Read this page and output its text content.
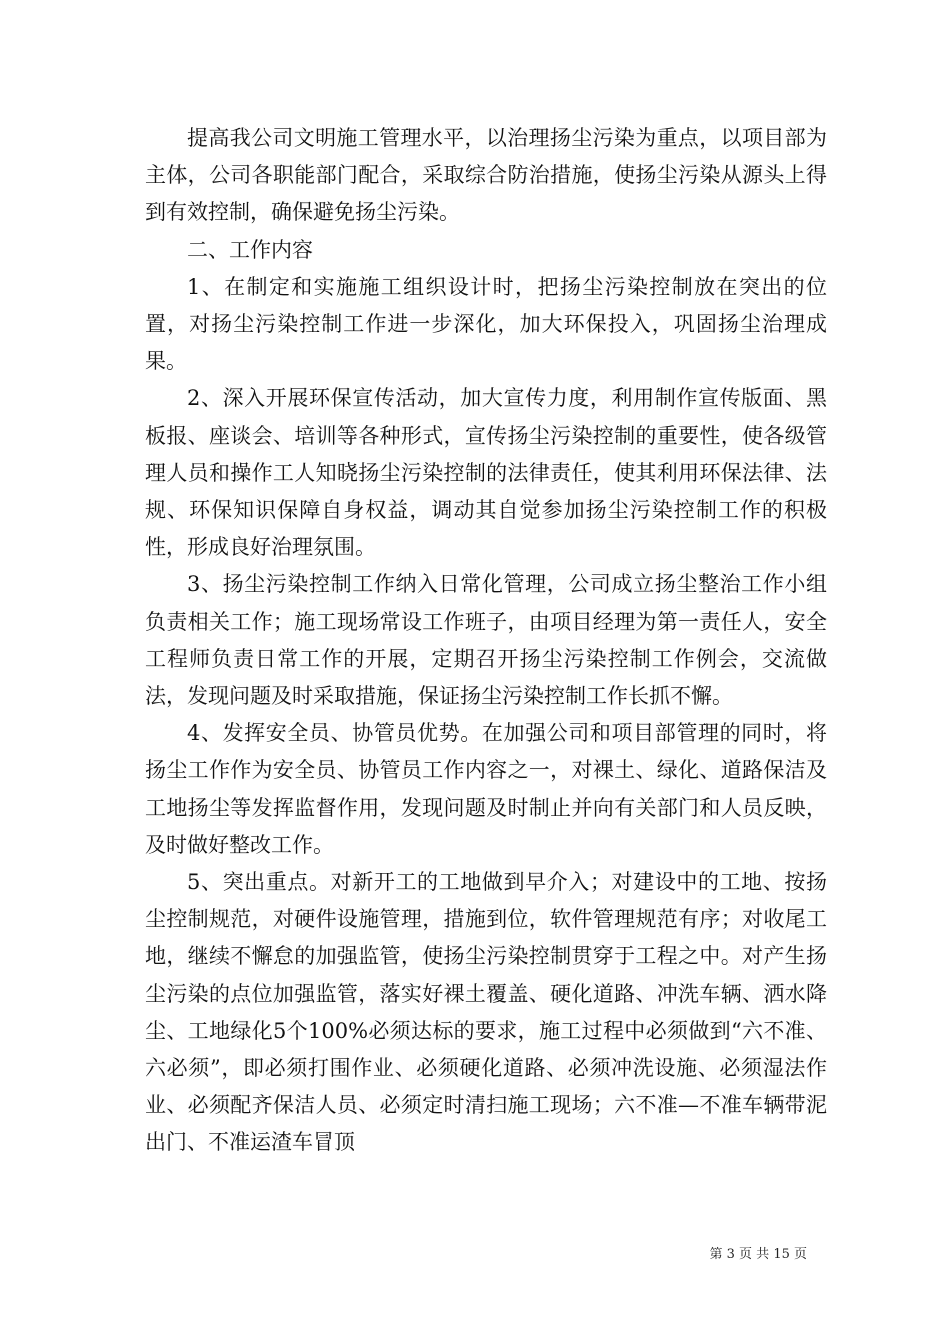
提高我公司文明施工管理水平，以治理扬尘污染为重点，以项目部为主体，公司各职能部门配合，采取综合防治措施，使扬尘污染从源头上得到有效控制，确保避免扬尘污染。

二、工作内容

1、在制定和实施施工组织设计时，把扬尘污染控制放在突出的位置，对扬尘污染控制工作进一步深化，加大环保投入，巩固扬尘治理成果。

2、深入开展环保宣传活动，加大宣传力度，利用制作宣传版面、黑板报、座谈会、培训等各种形式，宣传扬尘污染控制的重要性，使各级管理人员和操作工人知晓扬尘污染控制的法律责任，使其利用环保法律、法规、环保知识保障自身权益，调动其自觉参加扬尘污染控制工作的积极性，形成良好治理氛围。

3、扬尘污染控制工作纳入日常化管理，公司成立扬尘整治工作小组负责相关工作；施工现场常设工作班子，由项目经理为第一责任人，安全工程师负责日常工作的开展，定期召开扬尘污染控制工作例会，交流做法，发现问题及时采取措施，保证扬尘污染控制工作长抓不懈。

4、发挥安全员、协管员优势。在加强公司和项目部管理的同时，将扬尘工作作为安全员、协管员工作内容之一，对裸土、绿化、道路保洁及工地扬尘等发挥监督作用，发现问题及时制止并向有关部门和人员反映，及时做好整改工作。

5、突出重点。对新开工的工地做到早介入；对建设中的工地、按扬尘控制规范，对硬件设施管理，措施到位，软件管理规范有序；对收尾工地，继续不懈怠的加强监管，使扬尘污染控制贯穿于工程之中。对产生扬尘污染的点位加强监管，落实好裸土覆盖、硬化道路、冲洗车辆、洒水降尘、工地绿化5个100%必须达标的要求，施工过程中必须做到“六不准、六必须”，即必须打围作业、必须硬化道路、必须冲洗设施、必须湿法作业、必须配齐保洁人员、必须定时清扫施工现场；六不准—不准车辆带泥出门、不准运渣车冒顶

第 3 页 共 15 页
